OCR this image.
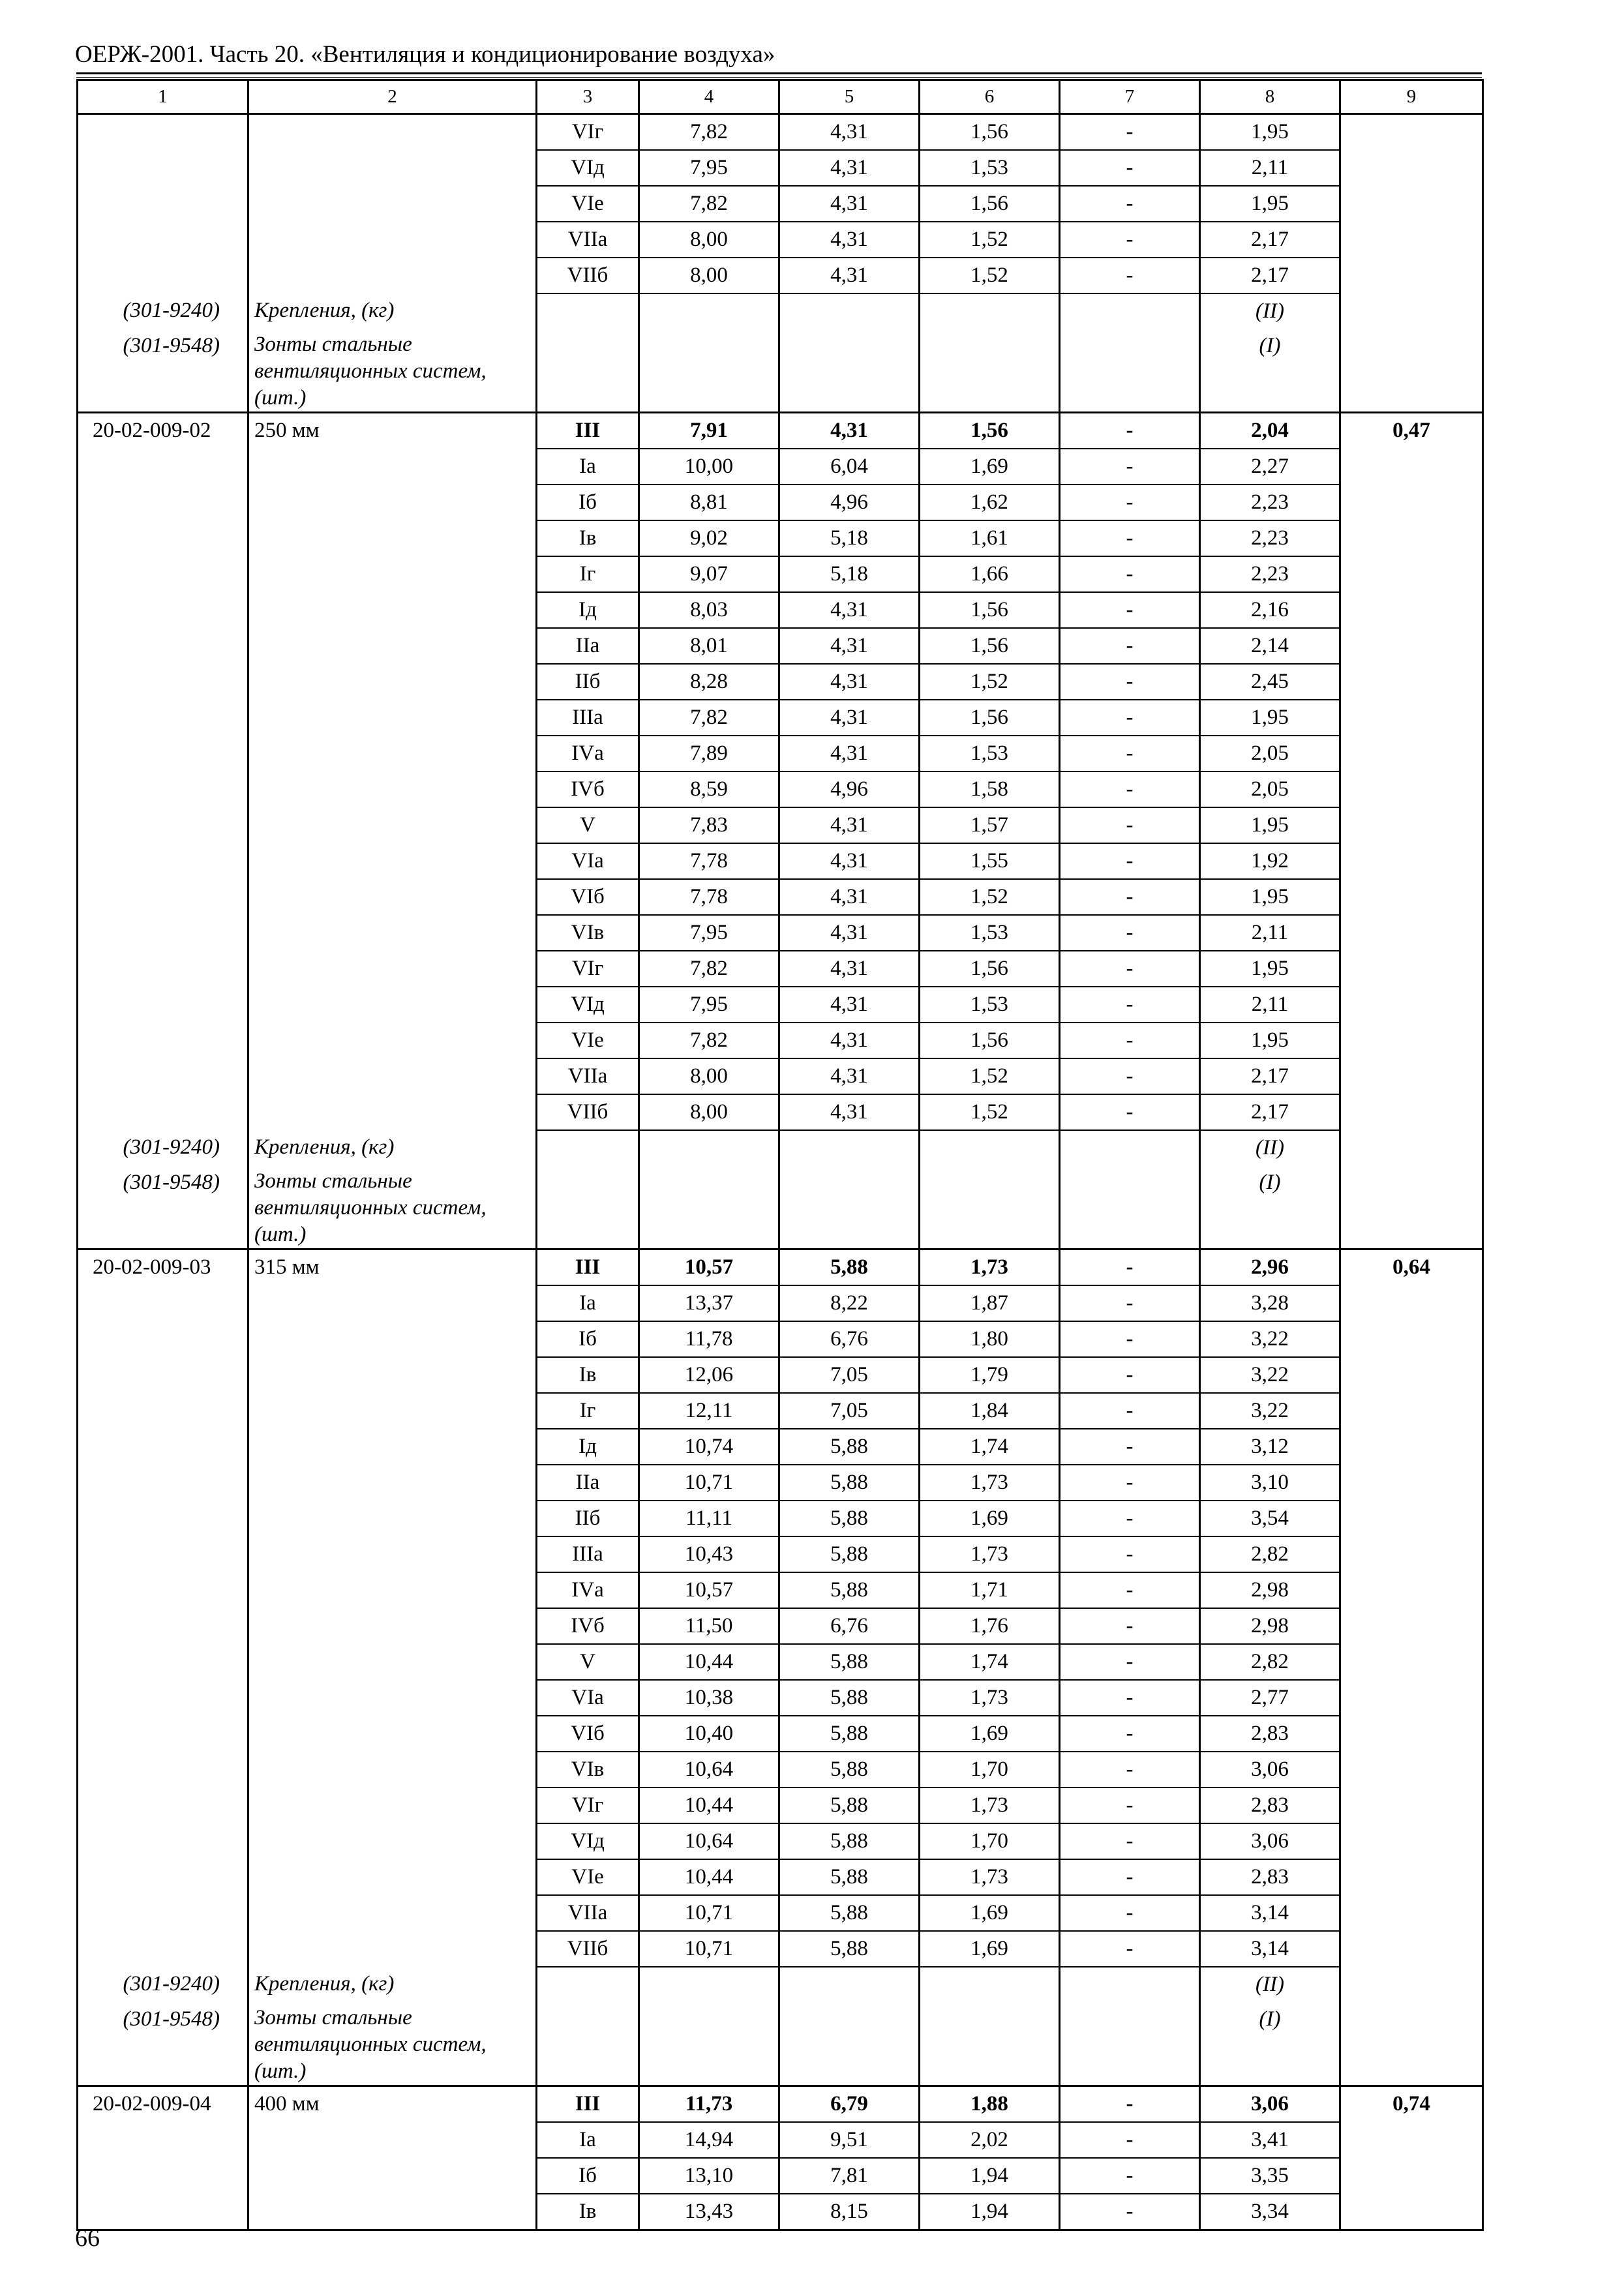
ОЕРЖ-2001. Часть 20. «Вентиляция и кондиционирование воздуха»
1	2	3	4	5	6	7	8	9
		VIг	7,82	4,31	1,56	-	1,95	
		VIд	7,95	4,31	1,53	-	2,11	
		VIе	7,82	4,31	1,56	-	1,95	
		VIIа	8,00	4,31	1,52	-	2,17	
		VIIб	8,00	4,31	1,52	-	2,17	
(301-9240)	Крепления, (кг)						(II)	
(301-9548)	Зонты стальные вентиляционных систем, (шт.)						(I)	
20-02-009-02	250 мм	III	7,91	4,31	1,56	-	2,04	0,47
		Iа	10,00	6,04	1,69	-	2,27	
		Iб	8,81	4,96	1,62	-	2,23	
		Iв	9,02	5,18	1,61	-	2,23	
		Iг	9,07	5,18	1,66	-	2,23	
		Iд	8,03	4,31	1,56	-	2,16	
		IIа	8,01	4,31	1,56	-	2,14	
		IIб	8,28	4,31	1,52	-	2,45	
		IIIа	7,82	4,31	1,56	-	1,95	
		IVа	7,89	4,31	1,53	-	2,05	
		IVб	8,59	4,96	1,58	-	2,05	
		V	7,83	4,31	1,57	-	1,95	
		VIа	7,78	4,31	1,55	-	1,92	
		VIб	7,78	4,31	1,52	-	1,95	
		VIв	7,95	4,31	1,53	-	2,11	
		VIг	7,82	4,31	1,56	-	1,95	
		VIд	7,95	4,31	1,53	-	2,11	
		VIе	7,82	4,31	1,56	-	1,95	
		VIIа	8,00	4,31	1,52	-	2,17	
		VIIб	8,00	4,31	1,52	-	2,17	
(301-9240)	Крепления, (кг)						(II)	
(301-9548)	Зонты стальные вентиляционных систем, (шт.)						(I)	
20-02-009-03	315 мм	III	10,57	5,88	1,73	-	2,96	0,64
		Iа	13,37	8,22	1,87	-	3,28	
		Iб	11,78	6,76	1,80	-	3,22	
		Iв	12,06	7,05	1,79	-	3,22	
		Iг	12,11	7,05	1,84	-	3,22	
		Iд	10,74	5,88	1,74	-	3,12	
		IIа	10,71	5,88	1,73	-	3,10	
		IIб	11,11	5,88	1,69	-	3,54	
		IIIа	10,43	5,88	1,73	-	2,82	
		IVа	10,57	5,88	1,71	-	2,98	
		IVб	11,50	6,76	1,76	-	2,98	
		V	10,44	5,88	1,74	-	2,82	
		VIа	10,38	5,88	1,73	-	2,77	
		VIб	10,40	5,88	1,69	-	2,83	
		VIв	10,64	5,88	1,70	-	3,06	
		VIг	10,44	5,88	1,73	-	2,83	
		VIд	10,64	5,88	1,70	-	3,06	
		VIе	10,44	5,88	1,73	-	2,83	
		VIIа	10,71	5,88	1,69	-	3,14	
		VIIб	10,71	5,88	1,69	-	3,14	
(301-9240)	Крепления, (кг)						(II)	
(301-9548)	Зонты стальные вентиляционных систем, (шт.)						(I)	
20-02-009-04	400 мм	III	11,73	6,79	1,88	-	3,06	0,74
		Iа	14,94	9,51	2,02	-	3,41	
		Iб	13,10	7,81	1,94	-	3,35	
		Iв	13,43	8,15	1,94	-	3,34	
66
